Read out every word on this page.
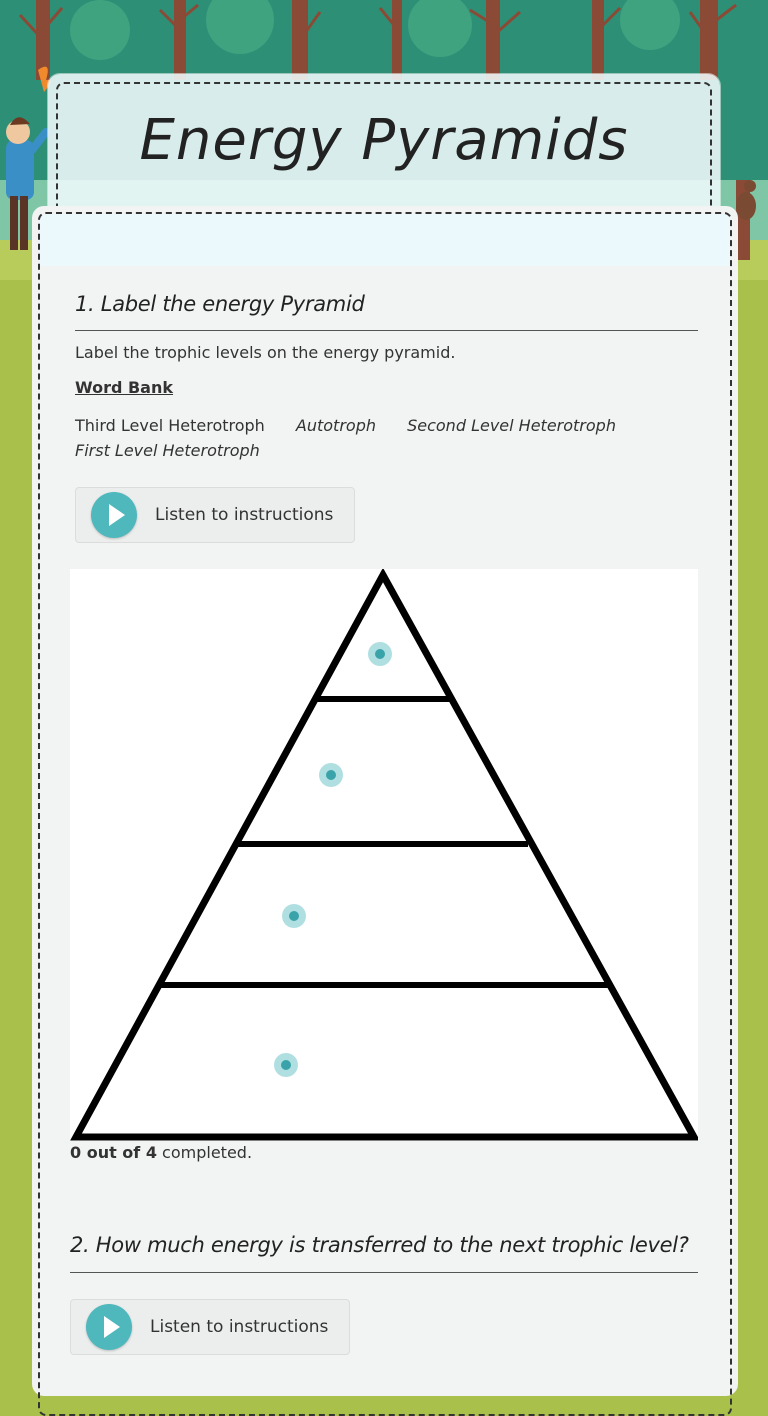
Energy Pyramids
1. Label the energy Pyramid

Label the trophic levels on the energy pyramid.

Word Bank

Third Level Heterotroph Autotroph Second Level Heterotroph
First Level Heterotroph
Listen to instructions
0 out of 4 completed.
2. How much energy is transferred to the next trophic level?
Listen to instructions
